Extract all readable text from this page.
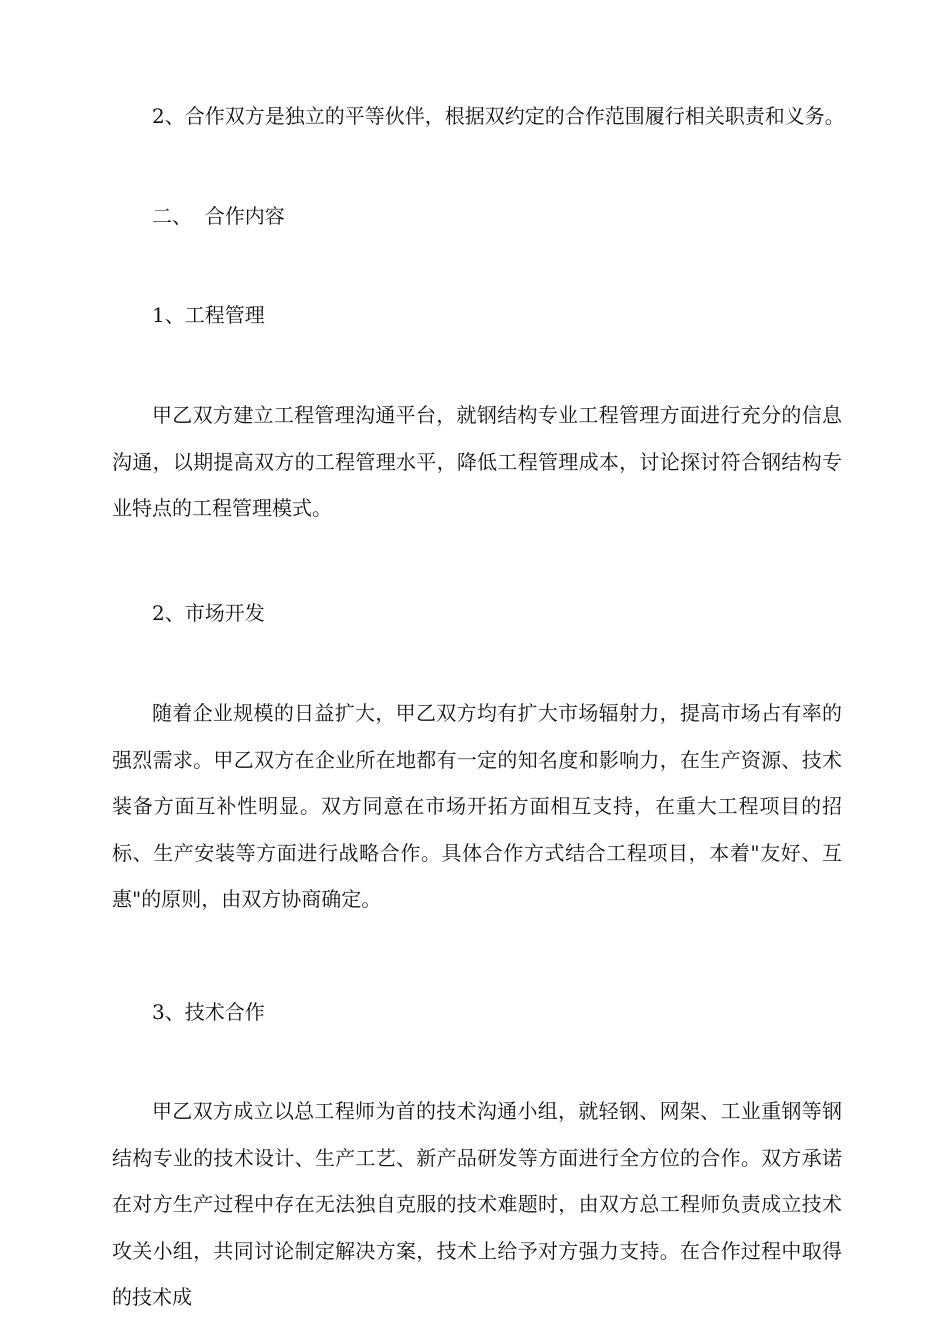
2、合作双方是独立的平等伙伴，根据双约定的合作范围履行相关职责和义务。
二、  合作内容
1、工程管理

甲乙双方建立工程管理沟通平台，就钢结构专业工程管理方面进行充分的信息沟通，以期提高双方的工程管理水平，降低工程管理成本，讨论探讨符合钢结构专业特点的工程管理模式。

2、市场开发

随着企业规模的日益扩大，甲乙双方均有扩大市场辐射力，提高市场占有率的强烈需求。甲乙双方在企业所在地都有一定的知名度和影响力，在生产资源、技术装备方面互补性明显。双方同意在市场开拓方面相互支持，在重大工程项目的招标、生产安装等方面进行战略合作。具体合作方式结合工程项目，本着"友好、互惠"的原则，由双方协商确定。

3、技术合作

甲乙双方成立以总工程师为首的技术沟通小组，就轻钢、网架、工业重钢等钢结构专业的技术设计、生产工艺、新产品研发等方面进行全方位的合作。双方承诺在对方生产过程中存在无法独自克服的技术难题时，由双方总工程师负责成立技术攻关小组，共同讨论制定解决方案，技术上给予对方强力支持。在合作过程中取得的技术成
